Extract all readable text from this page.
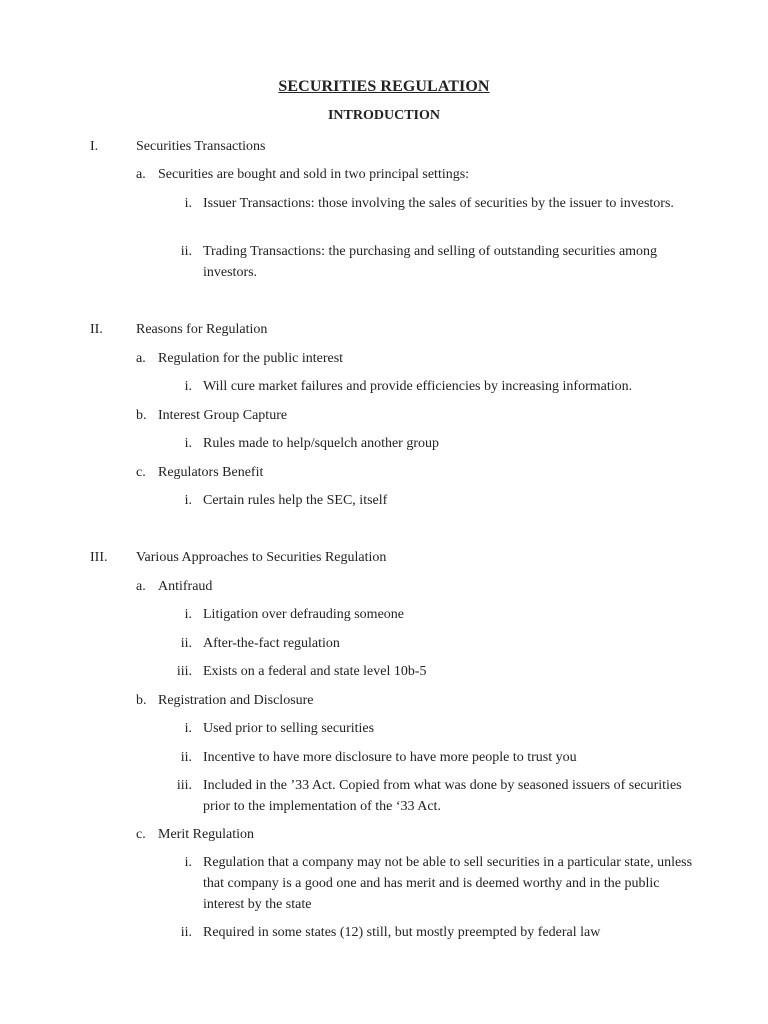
SECURITIES REGULATION
INTRODUCTION
I.	Securities Transactions
a. Securities are bought and sold in two principal settings:
i. Issuer Transactions: those involving the sales of securities by the issuer to investors.
ii. Trading Transactions: the purchasing and selling of outstanding securities among investors.
II. Reasons for Regulation
a. Regulation for the public interest
i. Will cure market failures and provide efficiencies by increasing information.
b. Interest Group Capture
i. Rules made to help/squelch another group
c. Regulators Benefit
i. Certain rules help the SEC, itself
III. Various Approaches to Securities Regulation
a. Antifraud
i. Litigation over defrauding someone
ii. After-the-fact regulation
iii. Exists on a federal and state level 10b-5
b. Registration and Disclosure
i. Used prior to selling securities
ii. Incentive to have more disclosure to have more people to trust you
iii. Included in the ’33 Act. Copied from what was done by seasoned issuers of securities prior to the implementation of the ‘33 Act.
c. Merit Regulation
i. Regulation that a company may not be able to sell securities in a particular state, unless that company is a good one and has merit and is deemed worthy and in the public interest by the state
ii. Required in some states (12) still, but mostly preempted by federal law
